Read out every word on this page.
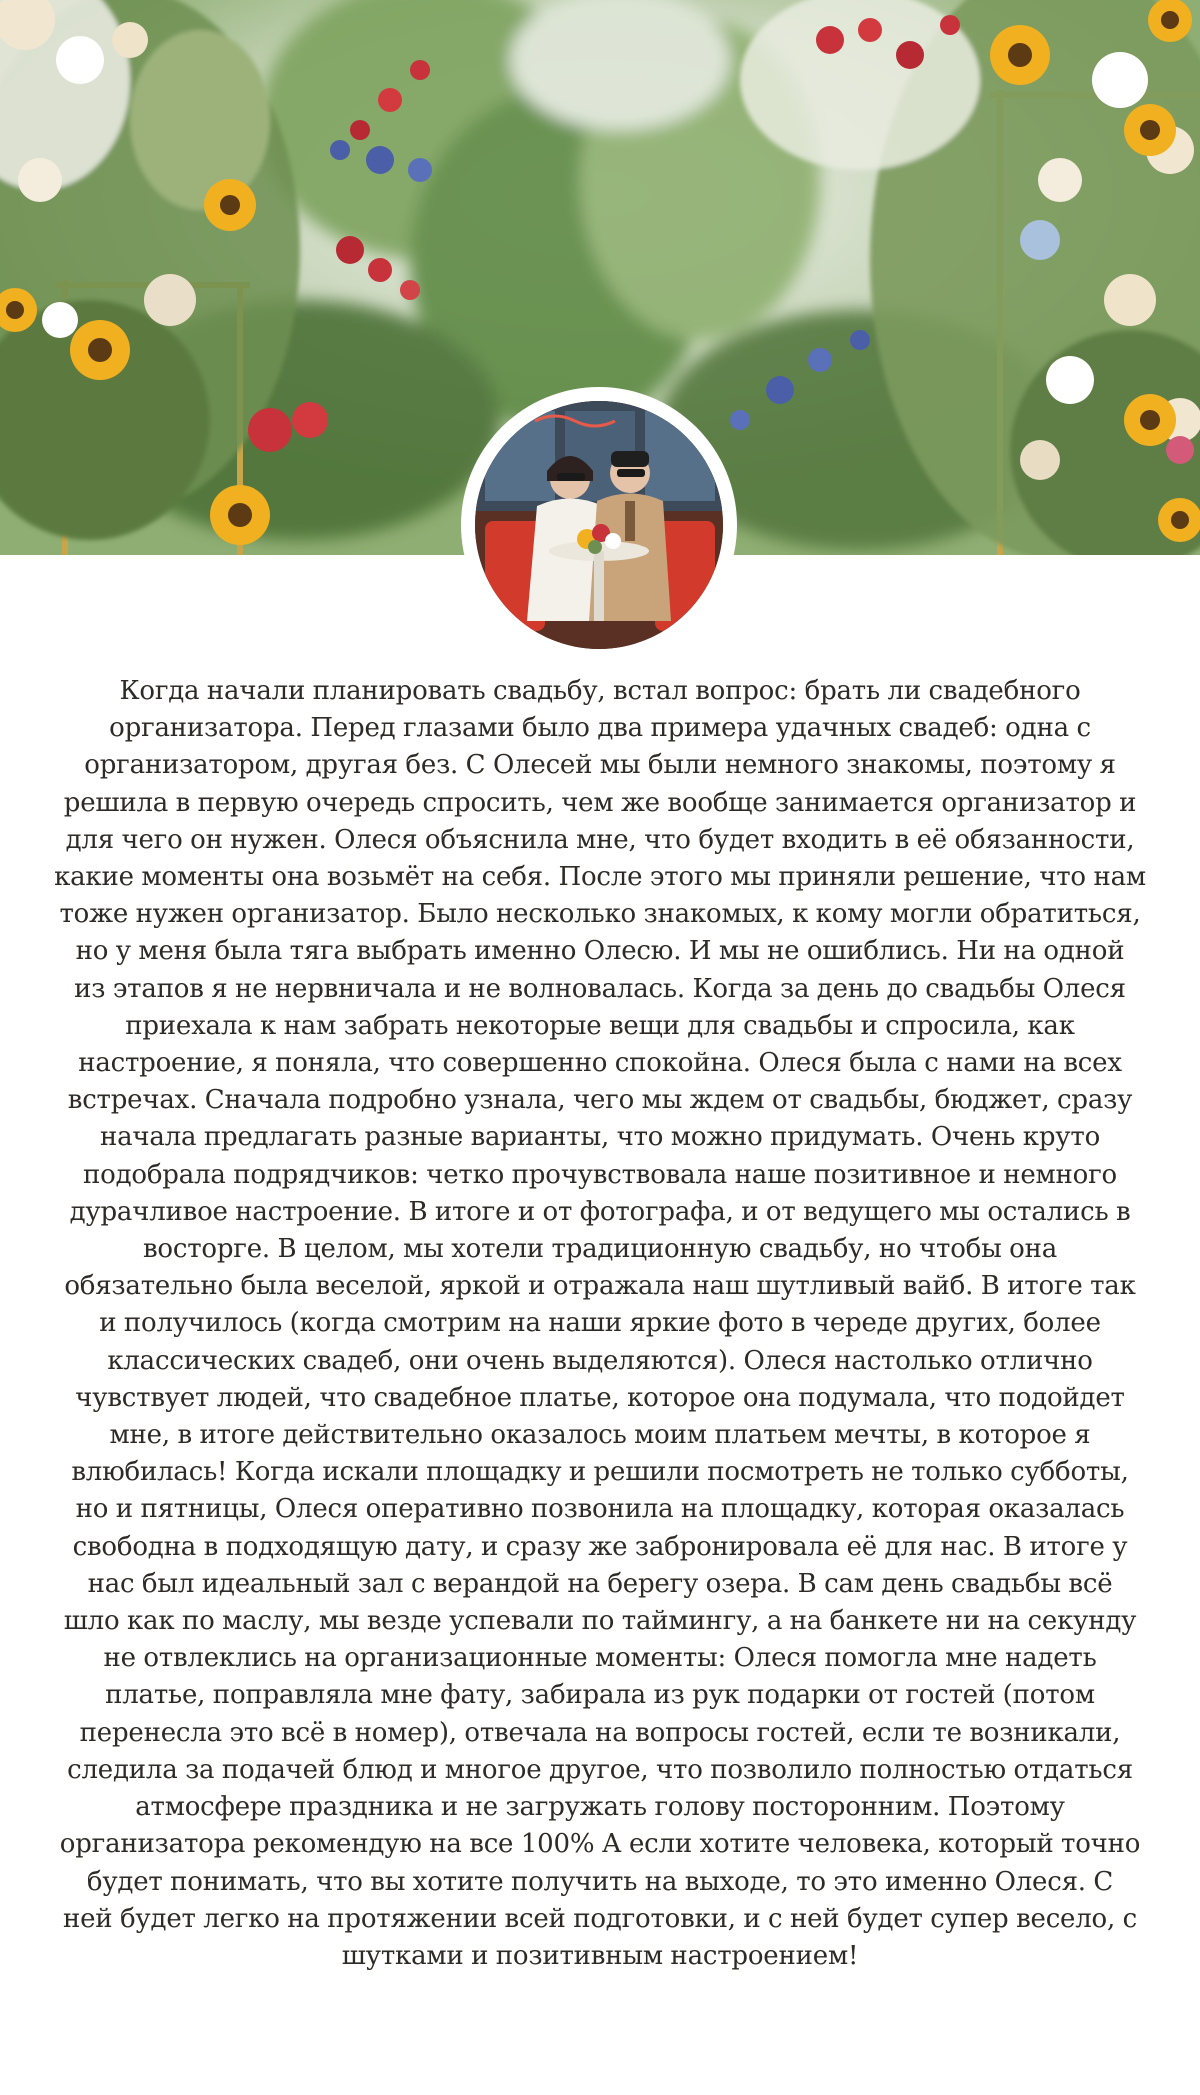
Когда начали планировать свадьбу, встал вопрос: брать ли свадебного
организатора. Перед глазами было два примера удачных свадеб: одна с
организатором, другая без. С Олесей мы были немного знакомы, поэтому я
решила в первую очередь спросить, чем же вообще занимается организатор и
для чего он нужен. Олеся объяснила мне, что будет входить в её обязанности,
какие моменты она возьмёт на себя. После этого мы приняли решение, что нам
тоже нужен организатор. Было несколько знакомых, к кому могли обратиться,
но у меня была тяга выбрать именно Олесю. И мы не ошиблись. Ни на одной
из этапов я не нервничала и не волновалась. Когда за день до свадьбы Олеся
приехала к нам забрать некоторые вещи для свадьбы и спросила, как
настроение, я поняла, что совершенно спокойна. Олеся была с нами на всех
встречах. Сначала подробно узнала, чего мы ждем от свадьбы, бюджет, сразу
начала предлагать разные варианты, что можно придумать. Очень круто
подобрала подрядчиков: четко прочувствовала наше позитивное и немного
дурачливое настроение. В итоге и от фотографа, и от ведущего мы остались в
восторге. В целом, мы хотели традиционную свадьбу, но чтобы она
обязательно была веселой, яркой и отражала наш шутливый вайб. В итоге так
и получилось (когда смотрим на наши яркие фото в череде других, более
классических свадеб, они очень выделяются). Олеся настолько отлично
чувствует людей, что свадебное платье, которое она подумала, что подойдет
мне, в итоге действительно оказалось моим платьем мечты, в которое я
влюбилась! Когда искали площадку и решили посмотреть не только субботы,
но и пятницы, Олеся оперативно позвонила на площадку, которая оказалась
свободна в подходящую дату, и сразу же забронировала её для нас. В итоге у
нас был идеальный зал с верандой на берегу озера. В сам день свадьбы всё
шло как по маслу, мы везде успевали по таймингу, а на банкете ни на секунду
не отвлеклись на организационные моменты: Олеся помогла мне надеть
платье, поправляла мне фату, забирала из рук подарки от гостей (потом
перенесла это всё в номер), отвечала на вопросы гостей, если те возникали,
следила за подачей блюд и многое другое, что позволило полностью отдаться
атмосфере праздника и не загружать голову посторонним. Поэтому
организатора рекомендую на все 100% А если хотите человека, который точно
будет понимать, что вы хотите получить на выходе, то это именно Олеся. С
ней будет легко на протяжении всей подготовки, и с ней будет супер весело, с
шутками и позитивным настроением!
